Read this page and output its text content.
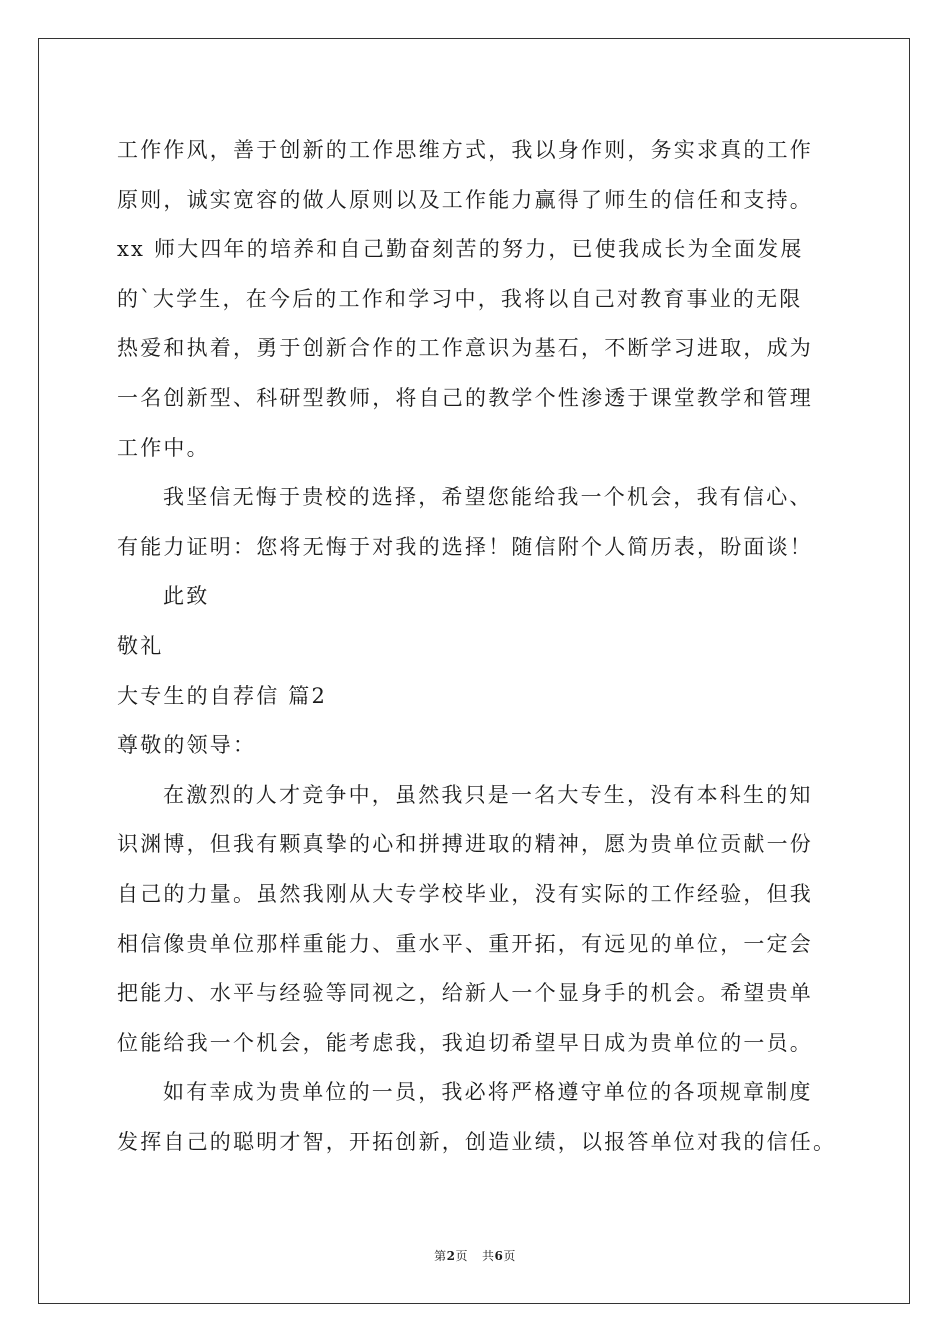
工作作风，善于创新的工作思维方式，我以身作则，务实求真的工作
原则，诚实宽容的做人原则以及工作能力赢得了师生的信任和支持。
xx 师大四年的培养和自己勤奋刻苦的努力，已使我成长为全面发展
的`大学生，在今后的工作和学习中，我将以自己对教育事业的无限
热爱和执着，勇于创新合作的工作意识为基石，不断学习进取，成为
一名创新型、科研型教师，将自己的教学个性渗透于课堂教学和管理
工作中。
我坚信无悔于贵校的选择，希望您能给我一个机会，我有信心、
有能力证明：您将无悔于对我的选择！随信附个人简历表，盼面谈！
此致
敬礼
大专生的自荐信 篇2
尊敬的领导：
在激烈的人才竞争中，虽然我只是一名大专生，没有本科生的知
识渊博，但我有颗真挚的心和拼搏进取的精神，愿为贵单位贡献一份
自己的力量。虽然我刚从大专学校毕业，没有实际的工作经验，但我
相信像贵单位那样重能力、重水平、重开拓，有远见的单位，一定会
把能力、水平与经验等同视之，给新人一个显身手的机会。希望贵单
位能给我一个机会，能考虑我，我迫切希望早日成为贵单位的一员。
如有幸成为贵单位的一员，我必将严格遵守单位的各项规章制度
发挥自己的聪明才智，开拓创新，创造业绩，以报答单位对我的信任。
第2页 共6页
